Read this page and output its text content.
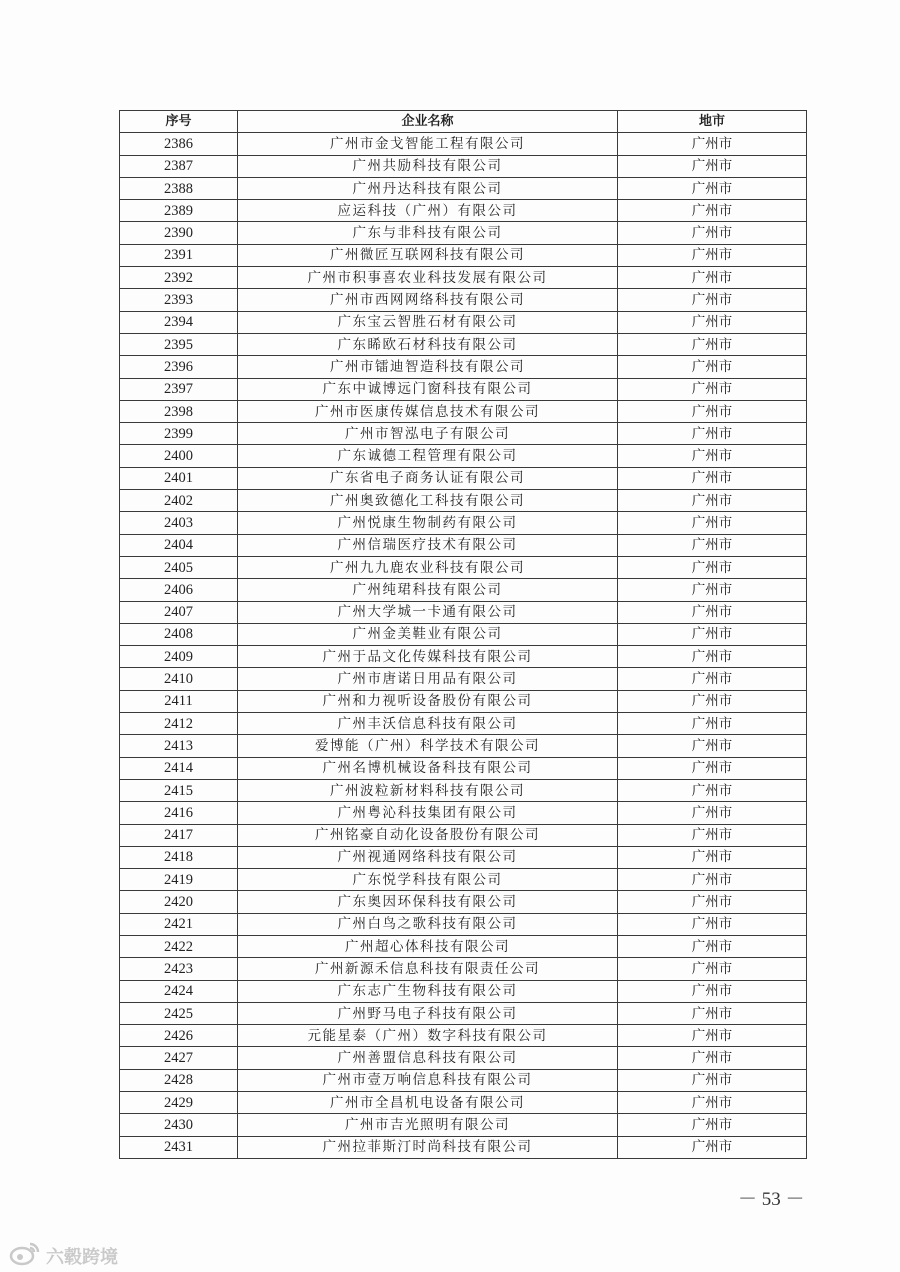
序号	企业名称	地市
2386	广州市金戈智能工程有限公司	广州市
2387	广州共励科技有限公司	广州市
2388	广州丹达科技有限公司	广州市
2389	应运科技（广州）有限公司	广州市
2390	广东与非科技有限公司	广州市
2391	广州微匠互联网科技有限公司	广州市
2392	广州市积事喜农业科技发展有限公司	广州市
2393	广州市西网网络科技有限公司	广州市
2394	广东宝云智胜石材有限公司	广州市
2395	广东睎欧石材科技有限公司	广州市
2396	广州市镭迪智造科技有限公司	广州市
2397	广东中诚博远门窗科技有限公司	广州市
2398	广州市医康传媒信息技术有限公司	广州市
2399	广州市智泓电子有限公司	广州市
2400	广东诚德工程管理有限公司	广州市
2401	广东省电子商务认证有限公司	广州市
2402	广州奥致德化工科技有限公司	广州市
2403	广州悦康生物制药有限公司	广州市
2404	广州信瑞医疗技术有限公司	广州市
2405	广州九九鹿农业科技有限公司	广州市
2406	广州纯珺科技有限公司	广州市
2407	广州大学城一卡通有限公司	广州市
2408	广州金美鞋业有限公司	广州市
2409	广州于品文化传媒科技有限公司	广州市
2410	广州市唐诺日用品有限公司	广州市
2411	广州和力视听设备股份有限公司	广州市
2412	广州丰沃信息科技有限公司	广州市
2413	爱博能（广州）科学技术有限公司	广州市
2414	广州名博机械设备科技有限公司	广州市
2415	广州波粒新材料科技有限公司	广州市
2416	广州粤沁科技集团有限公司	广州市
2417	广州铭豪自动化设备股份有限公司	广州市
2418	广州视通网络科技有限公司	广州市
2419	广东悦学科技有限公司	广州市
2420	广东奥因环保科技有限公司	广州市
2421	广州白鸟之歌科技有限公司	广州市
2422	广州超心体科技有限公司	广州市
2423	广州新源禾信息科技有限责任公司	广州市
2424	广东志广生物科技有限公司	广州市
2425	广州野马电子科技有限公司	广州市
2426	元能星泰（广州）数字科技有限公司	广州市
2427	广州善盟信息科技有限公司	广州市
2428	广州市壹万响信息科技有限公司	广州市
2429	广州市全昌机电设备有限公司	广州市
2430	广州市吉光照明有限公司	广州市
2431	广州拉菲斯汀时尚科技有限公司	广州市
－ 53 －
六毂跨境
